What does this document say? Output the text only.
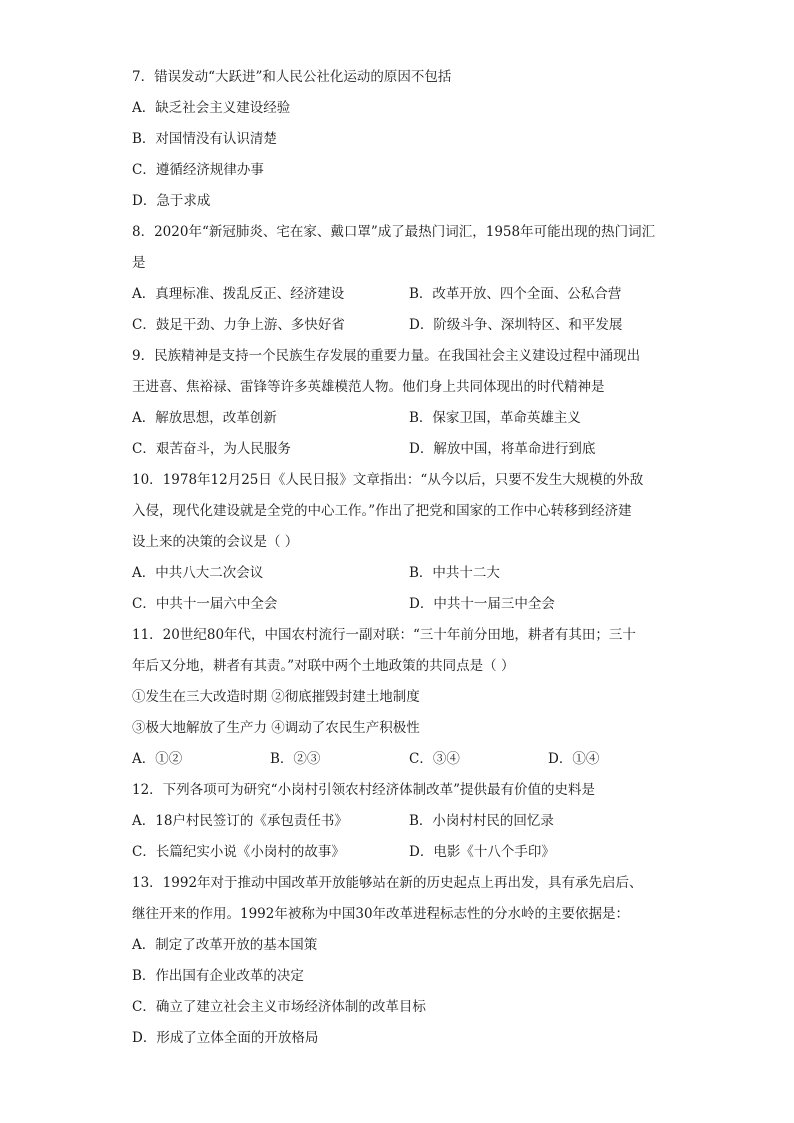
7．错误发动“大跃进”和人民公社化运动的原因不包括
A．缺乏社会主义建设经验
B．对国情没有认识清楚
C．遵循经济规律办事
D．急于求成
8．2020年“新冠肺炎、宅在家、戴口罩”成了最热门词汇，1958年可能出现的热门词汇
是
A．真理标准、拨乱反正、经济建设	B．改革开放、四个全面、公私合营
C．鼓足干劲、力争上游、多快好省	D．阶级斗争、深圳特区、和平发展
9．民族精神是支持一个民族生存发展的重要力量。在我国社会主义建设过程中涌现出
王进喜、焦裕禄、雷锋等许多英雄模范人物。他们身上共同体现出的时代精神是
A．解放思想，改革创新	B．保家卫国，革命英雄主义
C．艰苦奋斗，为人民服务	D．解放中国，将革命进行到底
10．1978年12月25日《人民日报》文章指出：“从今以后，只要不发生大规模的外敌
入侵，现代化建设就是全党的中心工作。”作出了把党和国家的工作中心转移到经济建
设上来的决策的会议是（ ）
A．中共八大二次会议	B．中共十二大
C．中共十一届六中全会	D．中共十一届三中全会
11．20世纪80年代，中国农村流行一副对联：“三十年前分田地，耕者有其田；三十
年后又分地，耕者有其责。”对联中两个土地政策的共同点是（ ）
①发生在三大改造时期 ②彻底摧毁封建土地制度
③极大地解放了生产力 ④调动了农民生产积极性
A．①②	B．②③	C．③④	D．①④
12．下列各项可为研究“小岗村引领农村经济体制改革”提供最有价值的史料是
A．18户村民签订的《承包责任书》	B．小岗村村民的回忆录
C．长篇纪实小说《小岗村的故事》	D．电影《十八个手印》
13．1992年对于推动中国改革开放能够站在新的历史起点上再出发，具有承先启后、
继往开来的作用。1992年被称为中国30年改革进程标志性的分水岭的主要依据是：
A．制定了改革开放的基本国策
B．作出国有企业改革的决定
C．确立了建立社会主义市场经济体制的改革目标
D．形成了立体全面的开放格局
